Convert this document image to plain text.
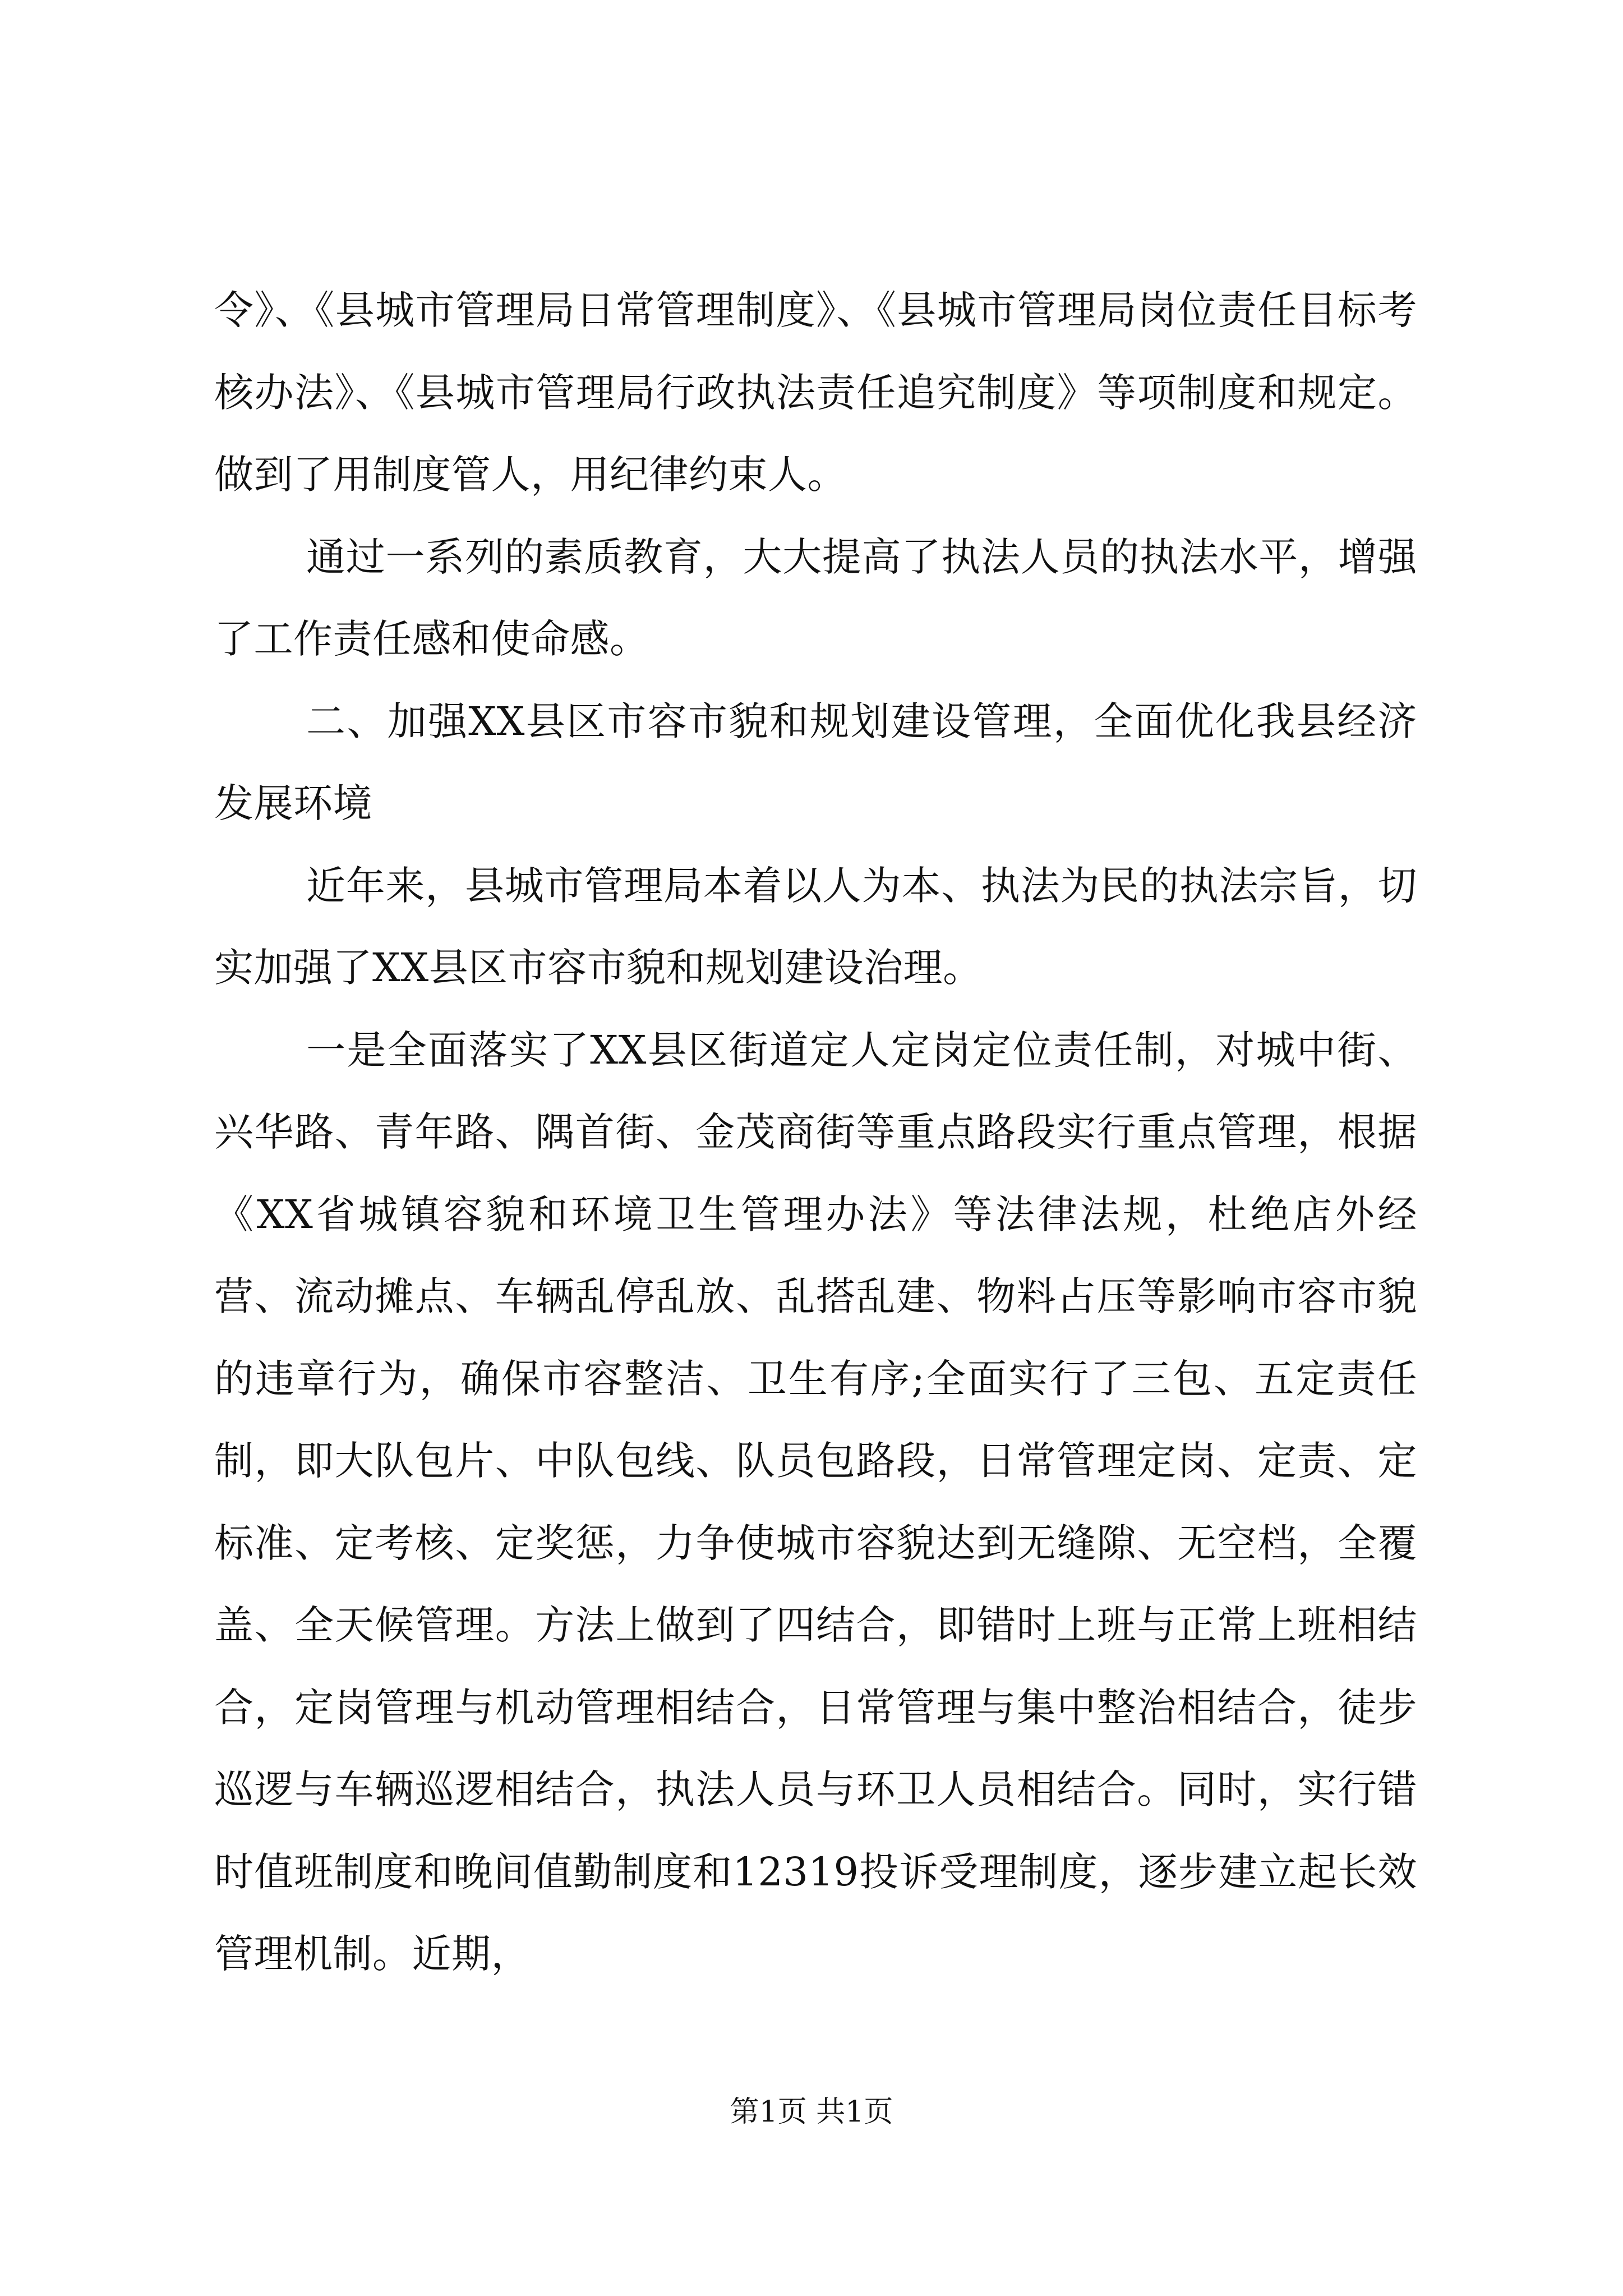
令》、《县城市管理局日常管理制度》、《县城市管理局岗位责任目标考核办法》、《县城市管理局行政执法责任追究制度》等项制度和规定。做到了用制度管人，用纪律约束人。

通过一系列的素质教育，大大提高了执法人员的执法水平，增强了工作责任感和使命感。

二、加强XX县区市容市貌和规划建设管理，全面优化我县经济发展环境

近年来，县城市管理局本着以人为本、执法为民的执法宗旨，切实加强了XX县区市容市貌和规划建设治理。

一是全面落实了XX县区街道定人定岗定位责任制，对城中街、兴华路、青年路、隅首街、金茂商街等重点路段实行重点管理，根据《XX省城镇容貌和环境卫生管理办法》等法律法规，杜绝店外经营、流动摊点、车辆乱停乱放、乱搭乱建、物料占压等影响市容市貌的违章行为，确保市容整洁、卫生有序;全面实行了三包、五定责任制，即大队包片、中队包线、队员包路段，日常管理定岗、定责、定标准、定考核、定奖惩，力争使城市容貌达到无缝隙、无空档，全覆盖、全天候管理。方法上做到了四结合，即错时上班与正常上班相结合，定岗管理与机动管理相结合，日常管理与集中整治相结合，徒步巡逻与车辆巡逻相结合，执法人员与环卫人员相结合。同时，实行错时值班制度和晚间值勤制度和12319投诉受理制度，逐步建立起长效管理机制。近期，

第1页 共1页
